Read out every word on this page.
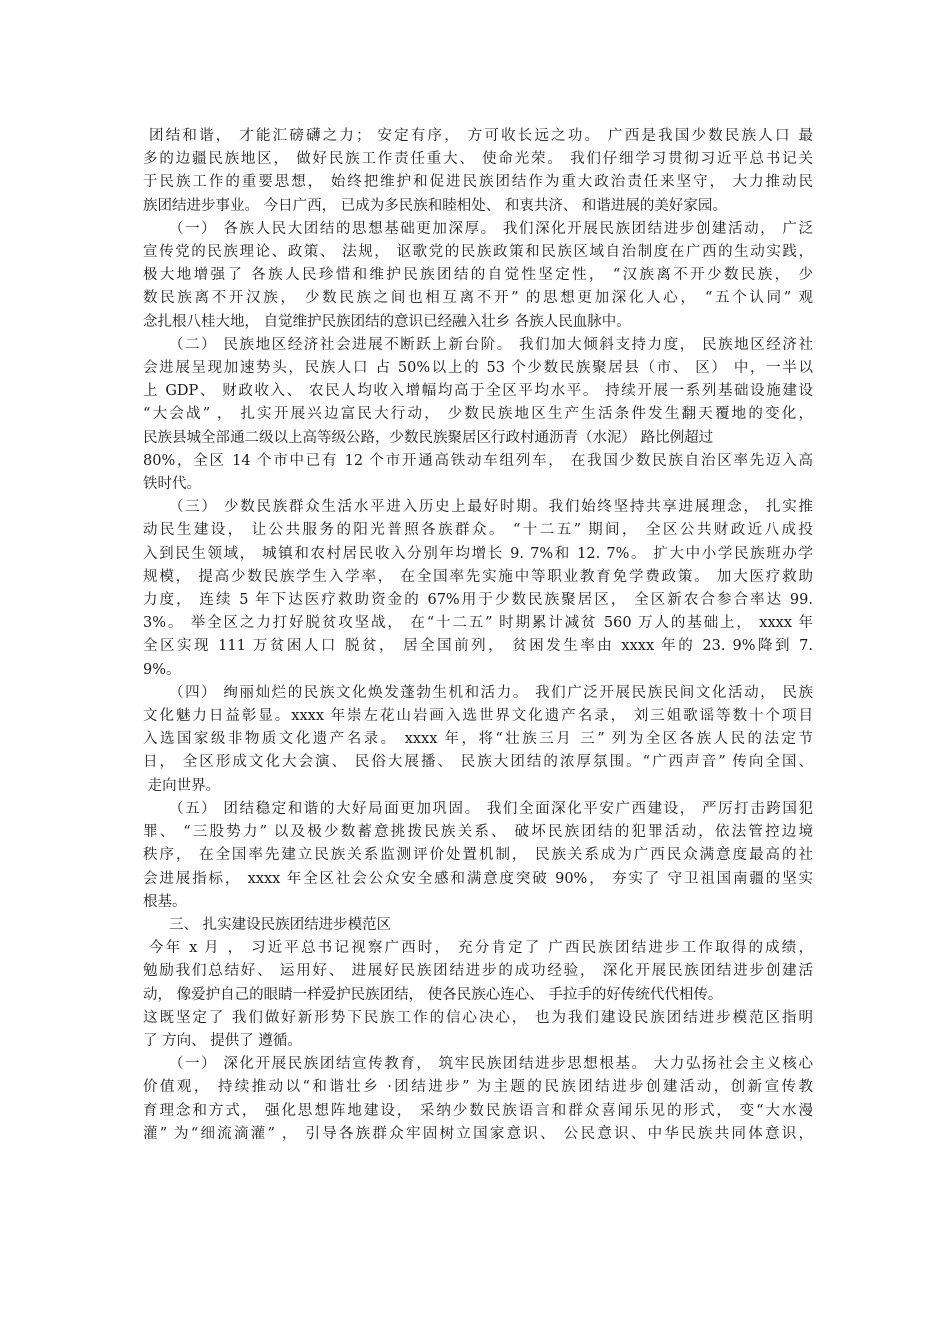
团结和谐， 才能汇磅礴之力； 安定有序， 方可收长远之功。 广西是我国少数民族人口 最
多的边疆民族地区， 做好民族工作责任重大、 使命光荣。 我们仔细学习贯彻习近平总书记关
于民族工作的重要思想， 始终把维护和促进民族团结作为重大政治责任来坚守， 大力推动民
族团结进步事业。 今日广西， 已成为多民族和睦相处、 和衷共济、 和谐进展的美好家园。
（一） 各族人民大团结的思想基础更加深厚。 我们深化开展民族团结进步创建活动， 广泛
宣传党的民族理论、政策、 法规， 讴歌党的民族政策和民族区域自治制度在广西的生动实践，
极大地增强了 各族人民珍惜和维护民族团结的自觉性坚定性， “汉族离不开少数民族， 少
数民族离不开汉族， 少数民族之间也相互离不开” 的思想更加深化人心， “五个认同” 观
念扎根八桂大地， 自觉维护民族团结的意识已经融入壮乡 各族人民血脉中。
（二） 民族地区经济社会进展不断跃上新台阶。 我们加大倾斜支持力度， 民族地区经济社
会进展呈现加速势头，民族人口 占 50%以上的 53 个少数民族聚居县（市、 区） 中，一半以
上 GDP、 财政收入、 农民人均收入增幅均高于全区平均水平。 持续开展一系列基础设施建设
“大会战” ， 扎实开展兴边富民大行动， 少数民族地区生产生活条件发生翻天覆地的变化，
民族县城全部通二级以上高等级公路，少数民族聚居区行政村通沥青（水泥） 路比例超过
80%，全区 14 个市中已有 12 个市开通高铁动车组列车， 在我国少数民族自治区率先迈入高
铁时代。
（三） 少数民族群众生活水平进入历史上最好时期。我们始终坚持共享进展理念， 扎实推
动民生建设， 让公共服务的阳光普照各族群众。 “十二五” 期间， 全区公共财政近八成投
入到民生领域， 城镇和农村居民收入分别年均增长 9. 7%和 12. 7%。 扩大中小学民族班办学
规模， 提高少数民族学生入学率， 在全国率先实施中等职业教育免学费政策。 加大医疗救助
力度， 连续 5 年下达医疗救助资金的 67%用于少数民族聚居区， 全区新农合参合率达 99.
3%。 举全区之力打好脱贫攻坚战， 在“十二五” 时期累计减贫 560 万人的基础上， xxxx 年
全区实现 111 万贫困人口 脱贫， 居全国前列， 贫困发生率由 xxxx 年的 23. 9%降到 7.
9%。
（四） 绚丽灿烂的民族文化焕发蓬勃生机和活力。 我们广泛开展民族民间文化活动， 民族
文化魅力日益彰显。xxxx 年崇左花山岩画入选世界文化遗产名录， 刘三姐歌谣等数十个项目
入选国家级非物质文化遗产名录。 xxxx 年，将“壮族三月 三” 列为全区各族人民的法定节
日， 全区形成文化大会演、 民俗大展播、 民族大团结的浓厚氛围。“广西声音” 传向全国、
走向世界。
（五） 团结稳定和谐的大好局面更加巩固。 我们全面深化平安广西建设， 严厉打击跨国犯
罪、 “三股势力” 以及极少数蓄意挑拨民族关系、 破坏民族团结的犯罪活动，依法管控边境
秩序， 在全国率先建立民族关系监测评价处置机制， 民族关系成为广西民众满意度最高的社
会进展指标， xxxx 年全区社会公众安全感和满意度突破 90%， 夯实了 守卫祖国南疆的坚实
根基。
三、 扎实建设民族团结进步模范区
今年 x 月 ， 习近平总书记视察广西时， 充分肯定了 广西民族团结进步工作取得的成绩，
勉励我们总结好、 运用好、 进展好民族团结进步的成功经验， 深化开展民族团结进步创建活
动， 像爱护自己的眼睛一样爱护民族团结， 使各民族心连心、 手拉手的好传统代代相传。
这既坚定了 我们做好新形势下民族工作的信心决心， 也为我们建设民族团结进步模范区指明
了 方向、 提供了 遵循。
（一） 深化开展民族团结宣传教育， 筑牢民族团结进步思想根基。 大力弘扬社会主义核心
价值观， 持续推动以“和谐壮乡 ·团结进步” 为主题的民族团结进步创建活动，创新宣传教
育理念和方式， 强化思想阵地建设， 采纳少数民族语言和群众喜闻乐见的形式， 变“大水漫
灌” 为“细流滴灌” ， 引导各族群众牢固树立国家意识、 公民意识、中华民族共同体意识，
